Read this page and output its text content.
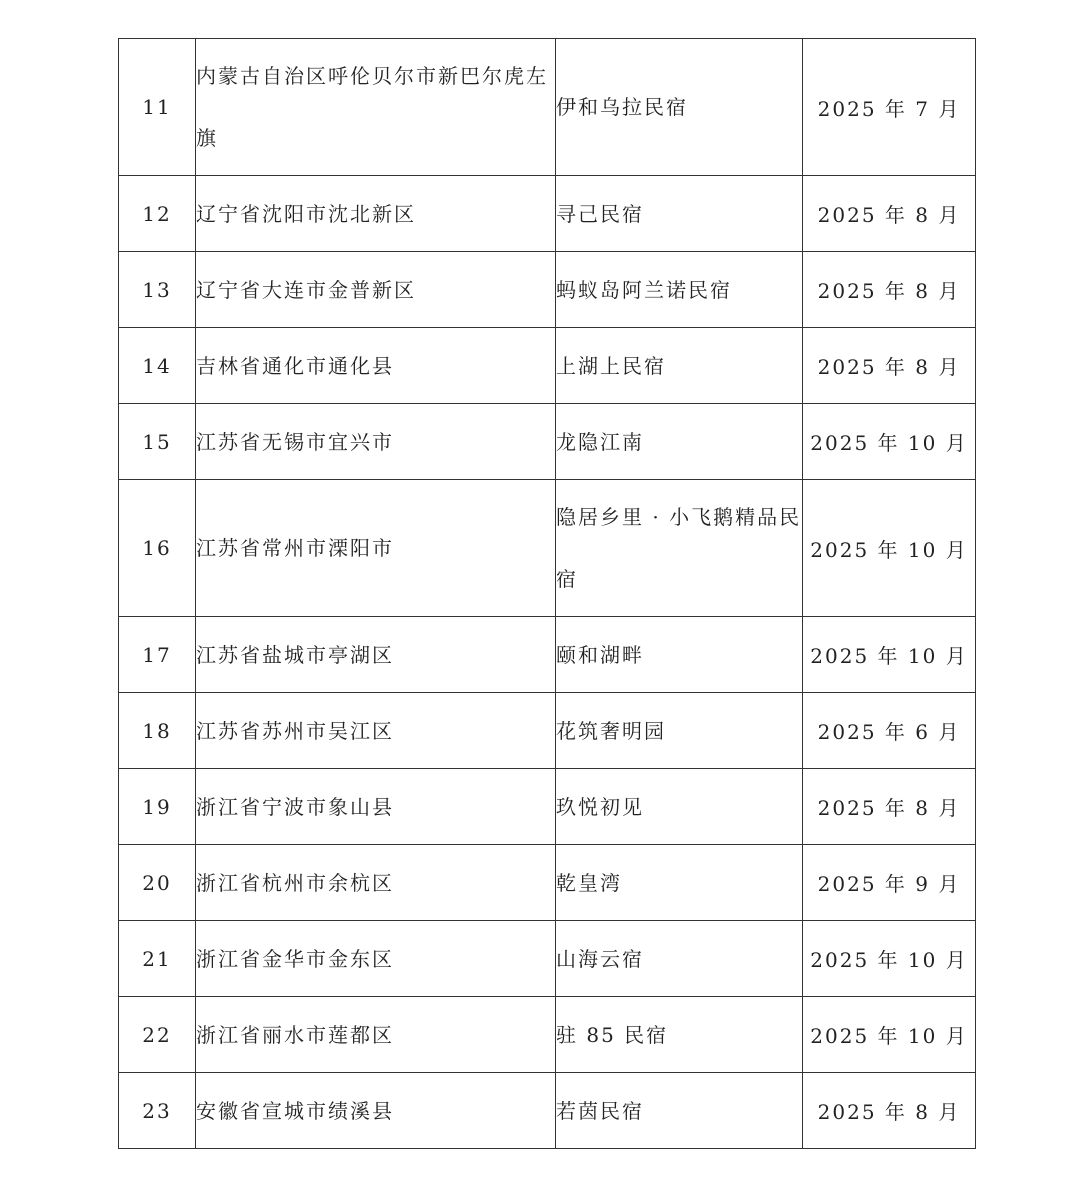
11	内蒙古自治区呼伦贝尔市新巴尔虎左旗	伊和乌拉民宿	2025 年 7 月
12	辽宁省沈阳市沈北新区	寻己民宿	2025 年 8 月
13	辽宁省大连市金普新区	蚂蚁岛阿兰诺民宿	2025 年 8 月
14	吉林省通化市通化县	上湖上民宿	2025 年 8 月
15	江苏省无锡市宜兴市	龙隐江南	2025 年 10 月
16	江苏省常州市溧阳市	隐居乡里 · 小飞鹅精品民宿	2025 年 10 月
17	江苏省盐城市亭湖区	颐和湖畔	2025 年 10 月
18	江苏省苏州市吴江区	花筑奢明园	2025 年 6 月
19	浙江省宁波市象山县	玖悦初见	2025 年 8 月
20	浙江省杭州市余杭区	乾皇湾	2025 年 9 月
21	浙江省金华市金东区	山海云宿	2025 年 10 月
22	浙江省丽水市莲都区	驻 85 民宿	2025 年 10 月
23	安徽省宣城市绩溪县	若茵民宿	2025 年 8 月
